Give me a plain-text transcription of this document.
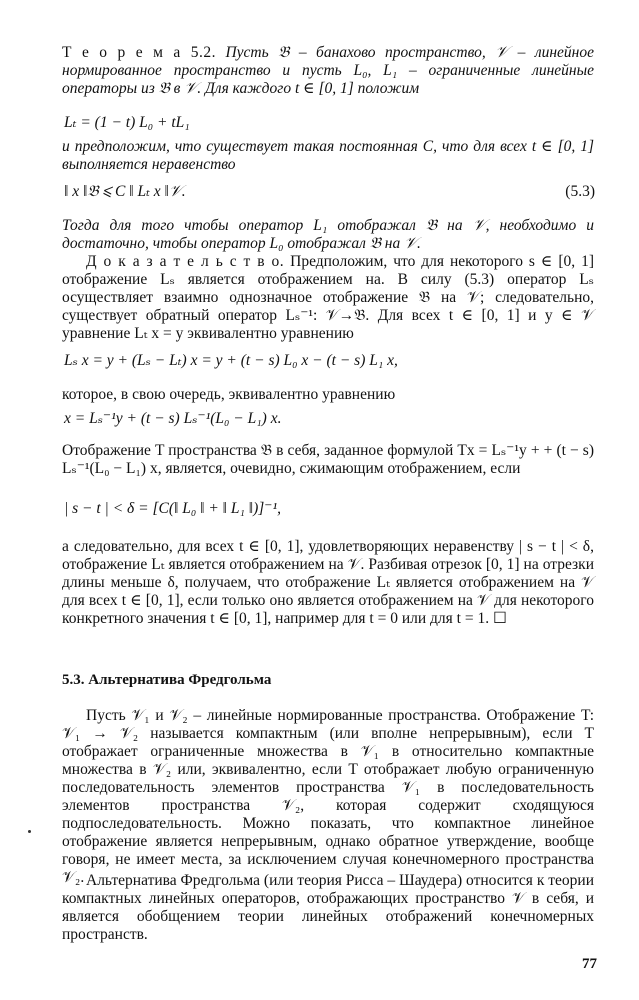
Т е о р е м а 5.2. Пусть 𝔅 – банахово пространство, 𝒱 – линейное нормированное пространство и пусть L₀, L₁ – ограниченные линейные операторы из 𝔅 в 𝒱. Для каждого t ∈ [0, 1] положим

Lₜ = (1 − t) L₀ + tL₁

и предположим, что существует такая постоянная C, что для всех t ∈ [0, 1] выполняется неравенство

‖ x ‖𝔅 ⩽ C ‖ Lₜ x ‖𝒱.	(5.3)

Тогда для того чтобы оператор L₁ отображал 𝔅 на 𝒱, необходимо и достаточно, чтобы оператор L₀ отображал 𝔅 на 𝒱.

Д о к а з а т е л ь с т в о. Предположим, что для некоторого s ∈ [0, 1] отображение Lₛ является отображением на. В силу (5.3) оператор Lₛ осуществляет взаимно однозначное отображение 𝔅 на 𝒱; следовательно, существует обратный оператор Lₛ⁻¹: 𝒱→𝔅. Для всех t ∈ [0, 1] и y ∈ 𝒱 уравнение Lₜ x = y эквивалентно уравнению

Lₛ x = y + (Lₛ − Lₜ) x = y + (t − s) L₀ x − (t − s) L₁ x,

которое, в свою очередь, эквивалентно уравнению

x = Lₛ⁻¹y + (t − s) Lₛ⁻¹(L₀ − L₁) x.

Отображение T пространства 𝔅 в себя, заданное формулой Tx = Lₛ⁻¹y + + (t − s) Lₛ⁻¹(L₀ − L₁) x, является, очевидно, сжимающим отображением, если

| s − t | < δ = [C(‖ L₀ ‖ + ‖ L₁ ‖)]⁻¹,

а следовательно, для всех t ∈ [0, 1], удовлетворяющих неравенству | s − t | < δ, отображение Lₜ является отображением на 𝒱. Разбивая отрезок [0, 1] на отрезки длины меньше δ, получаем, что отображение Lₜ является отображением на 𝒱 для всех t ∈ [0, 1], если только оно является отображением на 𝒱 для некоторого конкретного значения t ∈ [0, 1], например для t = 0 или для t = 1. ☐

5.3. Альтернатива Фредгольма

Пусть 𝒱₁ и 𝒱₂ – линейные нормированные пространства. Отображение T: 𝒱₁ → 𝒱₂ называется компактным (или вполне непрерывным), если T отображает ограниченные множества в 𝒱₁ в относительно компактные множества в 𝒱₂ или, эквивалентно, если T отображает любую ограниченную последовательность элементов пространства 𝒱₁ в последовательность элементов пространства 𝒱₂, которая содержит сходящуюся подпоследовательность. Можно показать, что компактное линейное отображение является непрерывным, однако обратное утверждение, вообще говоря, не имеет места, за исключением случая конечномерного пространства 𝒱₂. Альтернатива Фредгольма (или теория Рисса – Шаудера) относится к теории компактных линейных операторов, отображающих пространство 𝒱 в себя, и является обобщением теории линейных отображений конечномерных пространств.

77
